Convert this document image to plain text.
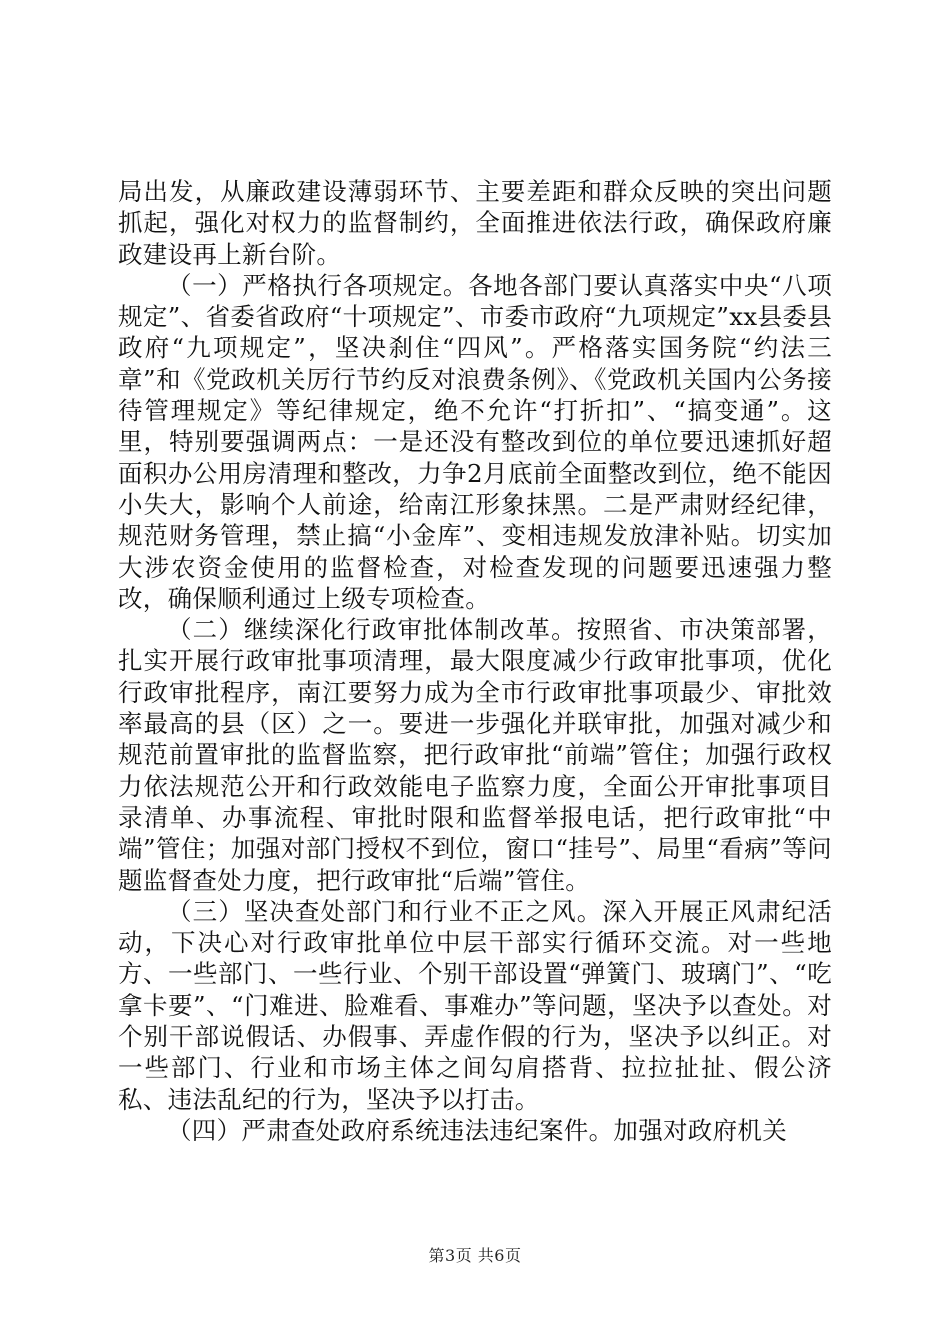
局出发，从廉政建设薄弱环节、主要差距和群众反映的突出问题抓起，强化对权力的监督制约，全面推进依法行政，确保政府廉政建设再上新台阶。

（一）严格执行各项规定。各地各部门要认真落实中央“八项规定”、省委省政府“十项规定”、市委市政府“九项规定”xx县委县政府“九项规定”，坚决刹住“四风”。严格落实国务院“约法三章”和《党政机关厉行节约反对浪费条例》、《党政机关国内公务接待管理规定》等纪律规定，绝不允许“打折扣”、“搞变通”。这里，特别要强调两点：一是还没有整改到位的单位要迅速抓好超面积办公用房清理和整改，力争2月底前全面整改到位，绝不能因小失大，影响个人前途，给南江形象抹黑。二是严肃财经纪律，规范财务管理，禁止搞“小金库”、变相违规发放津补贴。切实加大涉农资金使用的监督检查，对检查发现的问题要迅速强力整改，确保顺利通过上级专项检查。

（二）继续深化行政审批体制改革。按照省、市决策部署，扎实开展行政审批事项清理，最大限度减少行政审批事项，优化行政审批程序，南江要努力成为全市行政审批事项最少、审批效率最高的县（区）之一。要进一步强化并联审批，加强对减少和规范前置审批的监督监察，把行政审批“前端”管住；加强行政权力依法规范公开和行政效能电子监察力度，全面公开审批事项目录清单、办事流程、审批时限和监督举报电话，把行政审批“中端”管住；加强对部门授权不到位，窗口“挂号”、局里“看病”等问题监督查处力度，把行政审批“后端”管住。

（三）坚决查处部门和行业不正之风。深入开展正风肃纪活动，下决心对行政审批单位中层干部实行循环交流。对一些地方、一些部门、一些行业、个别干部设置“弹簧门、玻璃门”、“吃拿卡要”、“门难进、脸难看、事难办”等问题，坚决予以查处。对个别干部说假话、办假事、弄虚作假的行为，坚决予以纠正。对一些部门、行业和市场主体之间勾肩搭背、拉拉扯扯、假公济私、违法乱纪的行为，坚决予以打击。

（四）严肃查处政府系统违法违纪案件。加强对政府机关

第3页 共6页
